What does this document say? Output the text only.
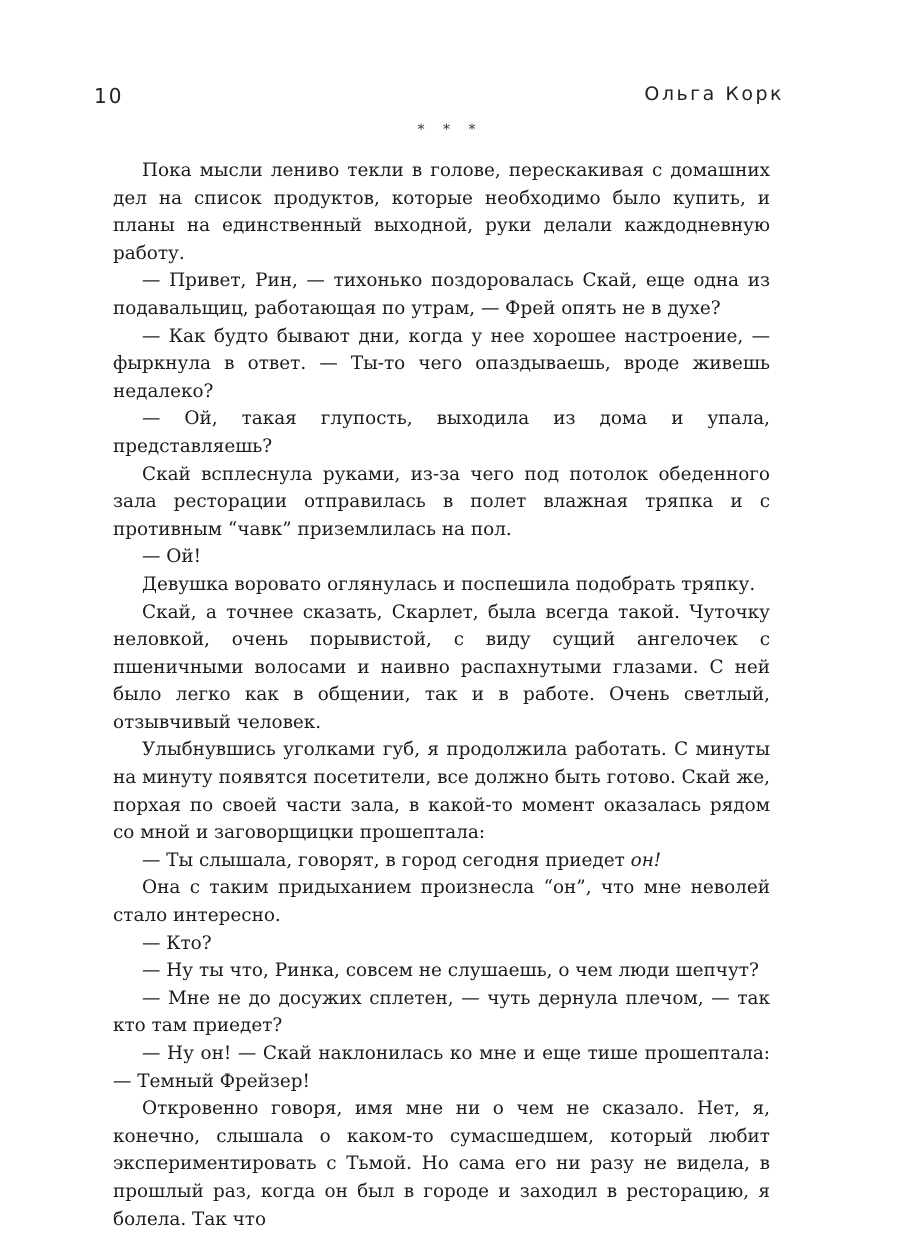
10	Ольга Корк
* * *

Пока мысли лениво текли в голове, перескакивая с домашних дел на список продуктов, которые необходимо было купить, и планы на единственный выходной, руки делали каждодневную работу.

— Привет, Рин, — тихонько поздоровалась Скай, еще одна из подавальщиц, работающая по утрам, — Фрей опять не в духе?

— Как будто бывают дни, когда у нее хорошее настроение, — фыркнула в ответ. — Ты-то чего опаздываешь, вроде живешь недалеко?

— Ой, такая глупость, выходила из дома и упала, представляешь?

Скай всплеснула руками, из-за чего под потолок обеденного зала ресторации отправилась в полет влажная тряпка и с противным “чавк” приземлилась на пол.

— Ой!

Девушка воровато оглянулась и поспешила подобрать тряпку.

Скай, а точнее сказать, Скарлет, была всегда такой. Чуточку неловкой, очень порывистой, с виду сущий ангелочек с пшеничными волосами и наивно распахнутыми глазами. С ней было легко как в общении, так и в работе. Очень светлый, отзывчивый человек.

Улыбнувшись уголками губ, я продолжила работать. С минуты на минуту появятся посетители, все должно быть готово. Скай же, порхая по своей части зала, в какой-то момент оказалась рядом со мной и заговорщицки прошептала:

— Ты слышала, говорят, в город сегодня приедет он!

Она с таким придыханием произнесла “он”, что мне неволей стало интересно.

— Кто?

— Ну ты что, Ринка, совсем не слушаешь, о чем люди шепчут?

— Мне не до досужих сплетен, — чуть дернула плечом, — так кто там приедет?

— Ну он! — Скай наклонилась ко мне и еще тише прошептала: — Темный Фрейзер!

Откровенно говоря, имя мне ни о чем не сказало. Нет, я, конечно, слышала о каком-то сумасшедшем, который любит экспериментировать с Тьмой. Но сама его ни разу не видела, в прошлый раз, когда он был в городе и заходил в ресторацию, я болела. Так что
